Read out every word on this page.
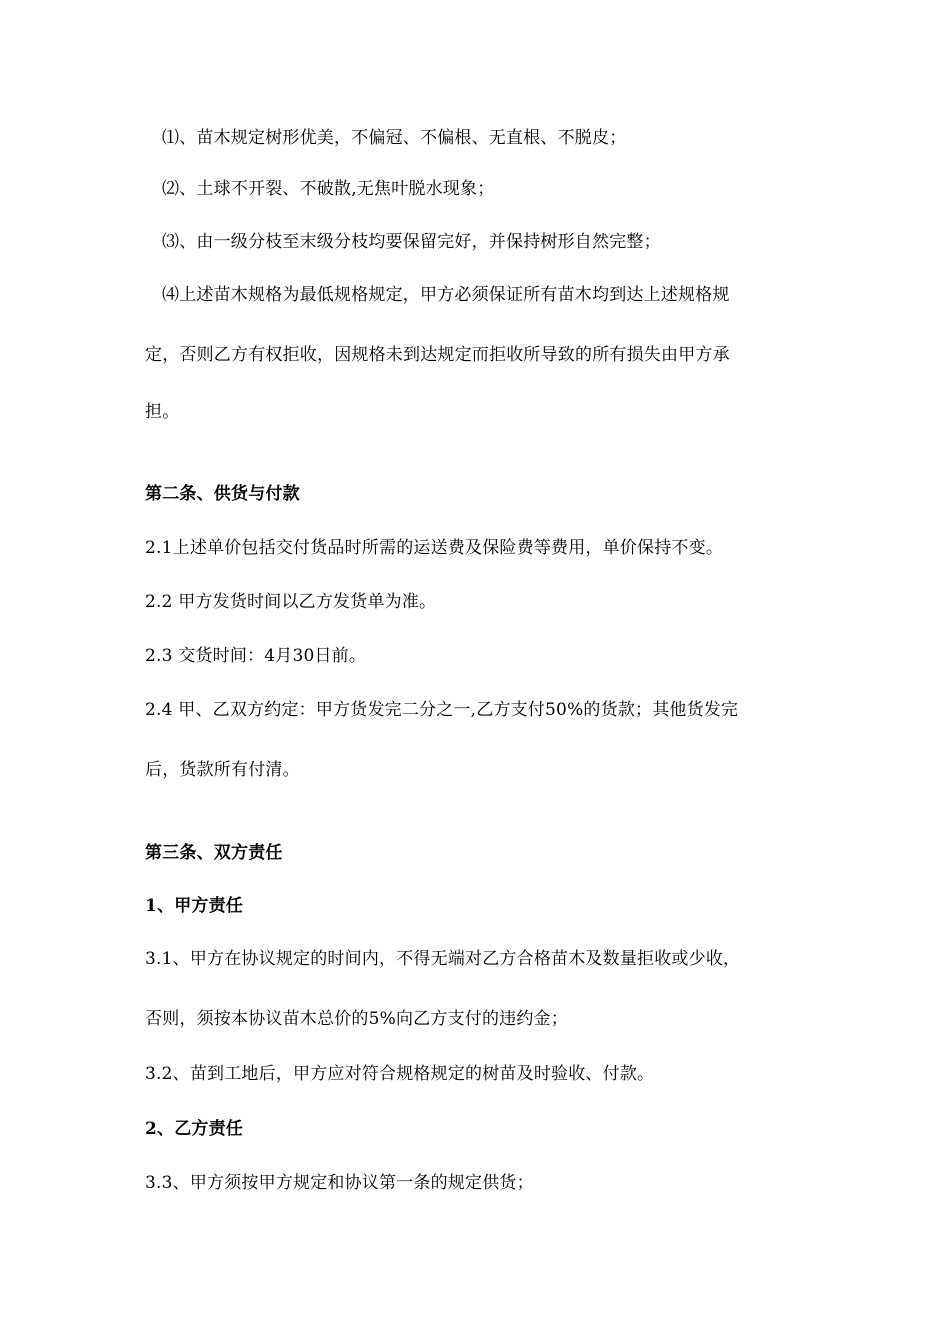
⑴、苗木规定树形优美，不偏冠、不偏根、无直根、不脱皮；
⑵、土球不开裂、不破散,无焦叶脱水现象；
⑶、由一级分枝至末级分枝均要保留完好，并保持树形自然完整；
⑷上述苗木规格为最低规格规定，甲方必须保证所有苗木均到达上述规格规
定，否则乙方有权拒收，因规格未到达规定而拒收所导致的所有损失由甲方承
担。
第二条、供货与付款
2.1上述单价包括交付货品时所需的运送费及保险费等费用，单价保持不变。
2.2 甲方发货时间以乙方发货单为准。
2.3 交货时间：4月30日前。
2.4 甲、乙双方约定：甲方货发完二分之一,乙方支付50%的货款；其他货发完
后，货款所有付清。
第三条、双方责任
1、甲方责任
3.1、甲方在协议规定的时间内，不得无端对乙方合格苗木及数量拒收或少收，
否则，须按本协议苗木总价的5%向乙方支付的违约金；
3.2、苗到工地后，甲方应对符合规格规定的树苗及时验收、付款。
2、乙方责任
3.3、甲方须按甲方规定和协议第一条的规定供货；
